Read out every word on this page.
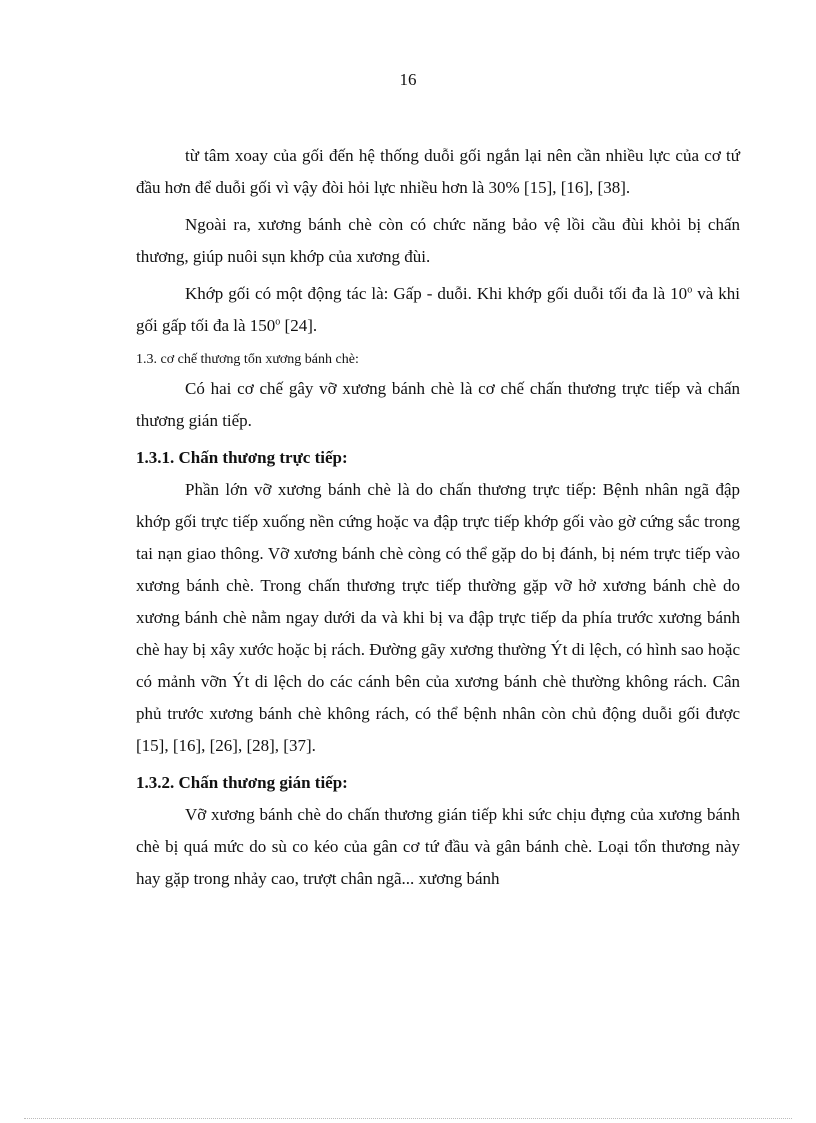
16

từ tâm xoay của gối đến hệ thống duỗi gối ngắn lại nên cần nhiều lực của cơ tứ đầu hơn để duỗi gối vì vậy đòi hỏi lực nhiều hơn là 30% [15], [16], [38].

Ngoài ra, xương bánh chè còn có chức năng bảo vệ lồi cầu đùi khỏi bị chấn thương, giúp nuôi sụn khớp của xương đùi.

Khớp gối có một động tác là: Gấp - duỗi. Khi khớp gối duỗi tối đa là 10$^o$ và khi gối gấp tối đa là 150$^o$ [24].

1.3. cơ chế thương tổn xương bánh chè:

Có hai cơ chế gây vỡ xương bánh chè là cơ chế chấn thương trực tiếp và chấn thương gián tiếp.

1.3.1. Chấn thương trực tiếp:

Phần lớn vỡ xương bánh chè là do chấn thương trực tiếp: Bệnh nhân ngã đập khớp gối trực tiếp xuống nền cứng hoặc va đập trực tiếp khớp gối vào gờ cứng sắc trong tai nạn giao thông. Vỡ xương bánh chè còng có thể gặp do bị đánh, bị ném trực tiếp vào xương bánh chè. Trong chấn thương trực tiếp thường gặp vỡ hở xương bánh chè do xương bánh chè nằm ngay dưới da và khi bị va đập trực tiếp da phía trước xương bánh chè hay bị xây xước hoặc bị rách. Đường gãy xương thường Ýt di lệch, có hình sao hoặc có mảnh vỡn Ýt di lệch do các cánh bên của xương bánh chè thường không rách. Cân phủ trước xương bánh chè không rách, có thể bệnh nhân còn chủ động duỗi gối được [15], [16], [26], [28], [37].

1.3.2. Chấn thương gián tiếp:

Vỡ xương bánh chè do chấn thương gián tiếp khi sức chịu đựng của xương bánh chè bị quá mức do sù co kéo của gân cơ tứ đầu và gân bánh chè. Loại tổn thương này hay gặp trong nhảy cao, trượt chân ngã... xương bánh
